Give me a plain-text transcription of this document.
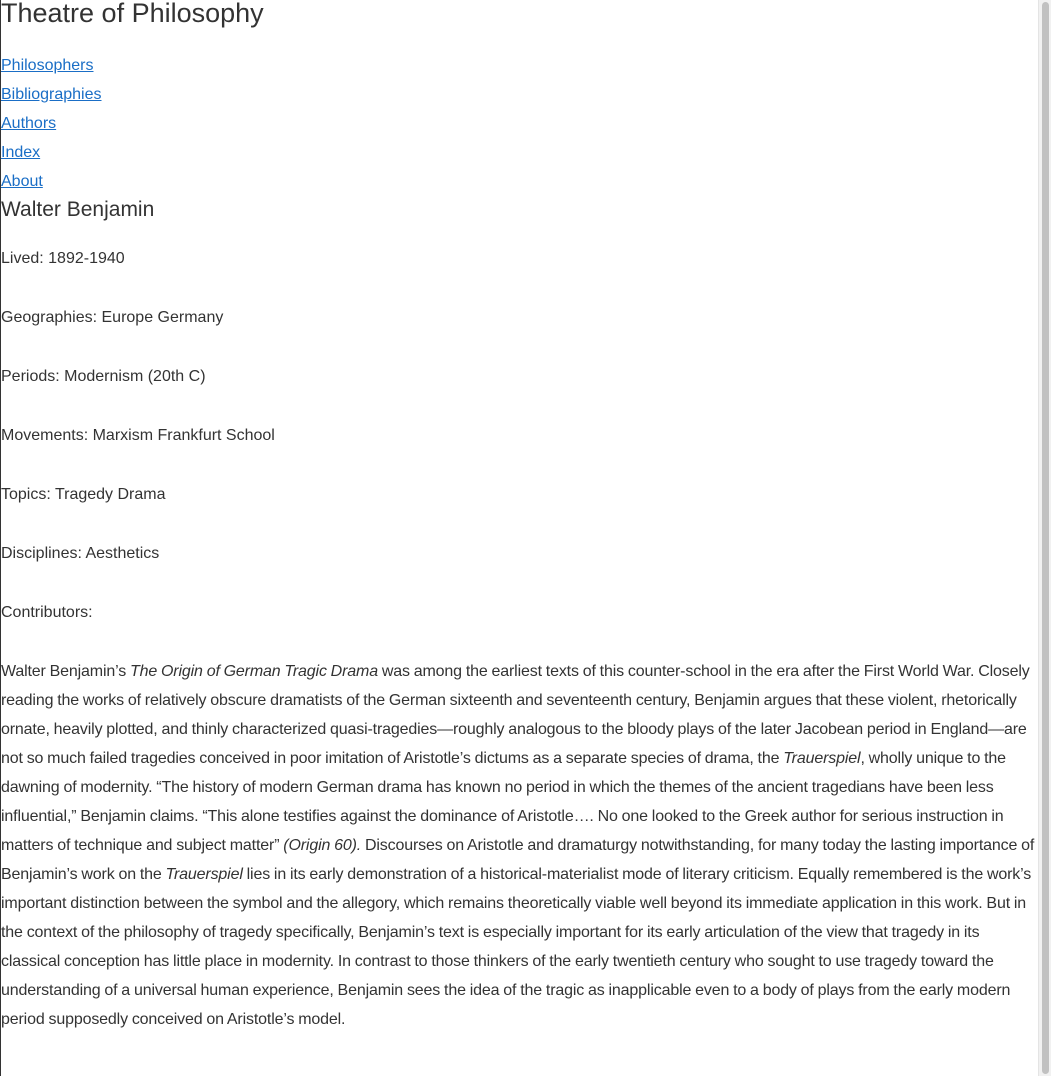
Theatre of Philosophy
Philosophers
Bibliographies
Authors
Index
About
Walter Benjamin

Lived: 1892-1940

Geographies: Europe Germany

Periods: Modernism (20th C)

Movements: Marxism Frankfurt School

Topics: Tragedy Drama

Disciplines: Aesthetics

Contributors:

Walter Benjamin’s The Origin of German Tragic Drama was among the earliest texts of this counter-school in the era after the First World War. Closely reading the works of relatively obscure dramatists of the German sixteenth and seventeenth century, Benjamin argues that these violent, rhetorically ornate, heavily plotted, and thinly characterized quasi-tragedies—roughly analogous to the bloody plays of the later Jacobean period in England—are not so much failed tragedies conceived in poor imitation of Aristotle’s dictums as a separate species of drama, the Trauerspiel, wholly unique to the dawning of modernity. “The history of modern German drama has known no period in which the themes of the ancient tragedians have been less influential,” Benjamin claims. “This alone testifies against the dominance of Aristotle…. No one looked to the Greek author for serious instruction in matters of technique and subject matter” (Origin 60). Discourses on Aristotle and dramaturgy notwithstanding, for many today the lasting importance of Benjamin’s work on the Trauerspiel lies in its early demonstration of a historical-materialist mode of literary criticism. Equally remembered is the work’s important distinction between the symbol and the allegory, which remains theoretically viable well beyond its immediate application in this work. But in the context of the philosophy of tragedy specifically, Benjamin’s text is especially important for its early articulation of the view that tragedy in its classical conception has little place in modernity. In contrast to those thinkers of the early twentieth century who sought to use tragedy toward the understanding of a universal human experience, Benjamin sees the idea of the tragic as inapplicable even to a body of plays from the early modern period supposedly conceived on Aristotle’s model.
